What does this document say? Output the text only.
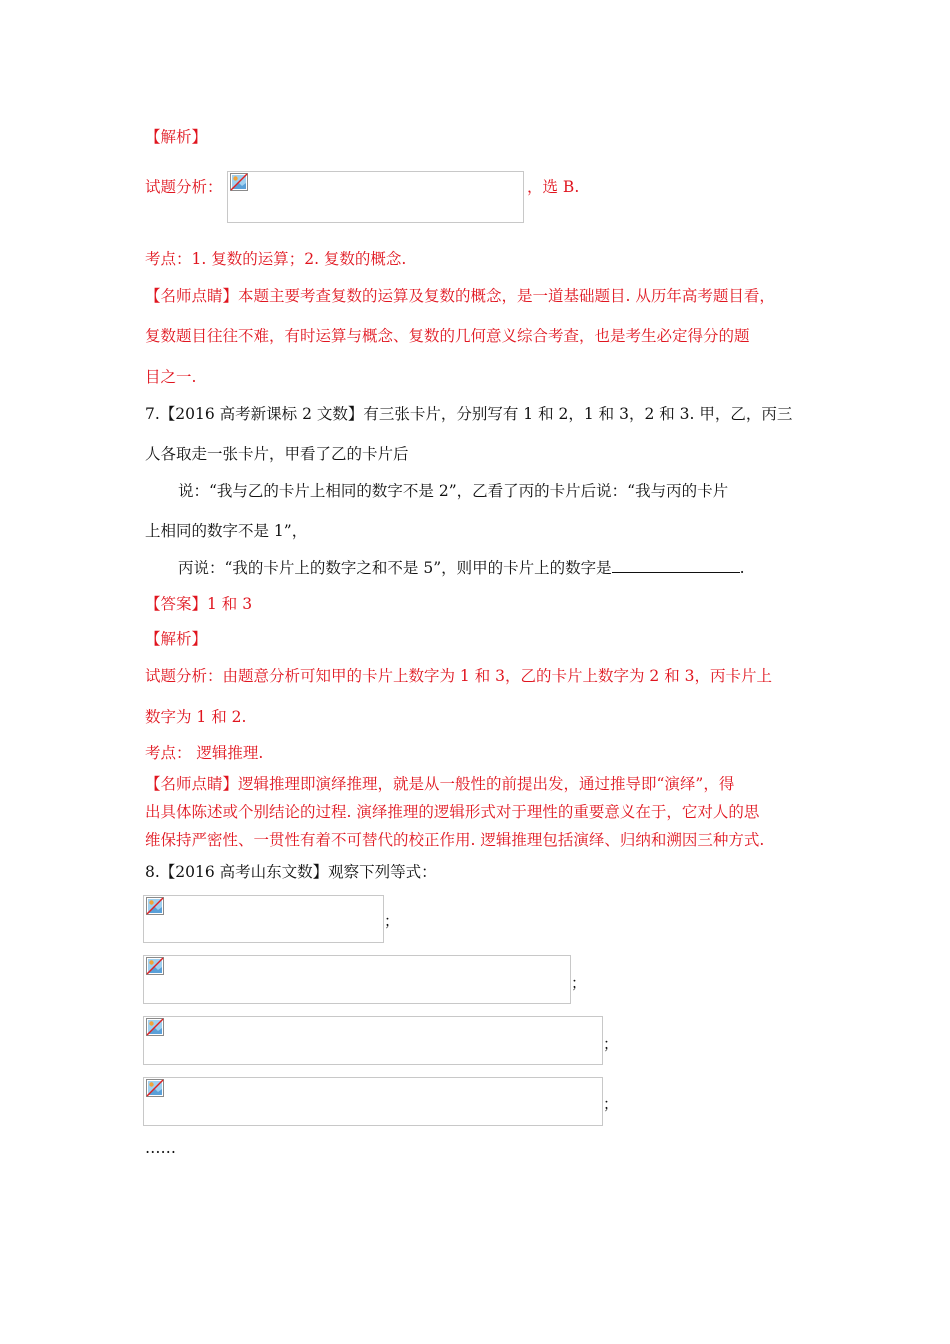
【解析】
试题分析：	，选 B.
考点：1. 复数的运算；2. 复数的概念.
【名师点睛】本题主要考查复数的运算及复数的概念，是一道基础题目. 从历年高考题目看，
复数题目往往不难，有时运算与概念、复数的几何意义综合考查，也是考生必定得分的题
目之一.
7.【2016 高考新课标 2 文数】有三张卡片，分别写有 1 和 2，1 和 3，2 和 3. 甲，乙，丙三
人各取走一张卡片，甲看了乙的卡片后
说：“我与乙的卡片上相同的数字不是 2”，乙看了丙的卡片后说：“我与丙的卡片
上相同的数字不是 1”，
丙说：“我的卡片上的数字之和不是 5”，则甲的卡片上的数字是	.
【答案】1 和 3
【解析】
试题分析：由题意分析可知甲的卡片上数字为 1 和 3，乙的卡片上数字为 2 和 3，丙卡片上
数字为 1 和 2.
考点： 逻辑推理.
【名师点睛】逻辑推理即演绎推理，就是从一般性的前提出发，通过推导即“演绎”，得
出具体陈述或个别结论的过程. 演绎推理的逻辑形式对于理性的重要意义在于，它对人的思
维保持严密性、一贯性有着不可替代的校正作用. 逻辑推理包括演绎、归纳和溯因三种方式.
8.【2016 高考山东文数】观察下列等式：
；
；
；
；
……
